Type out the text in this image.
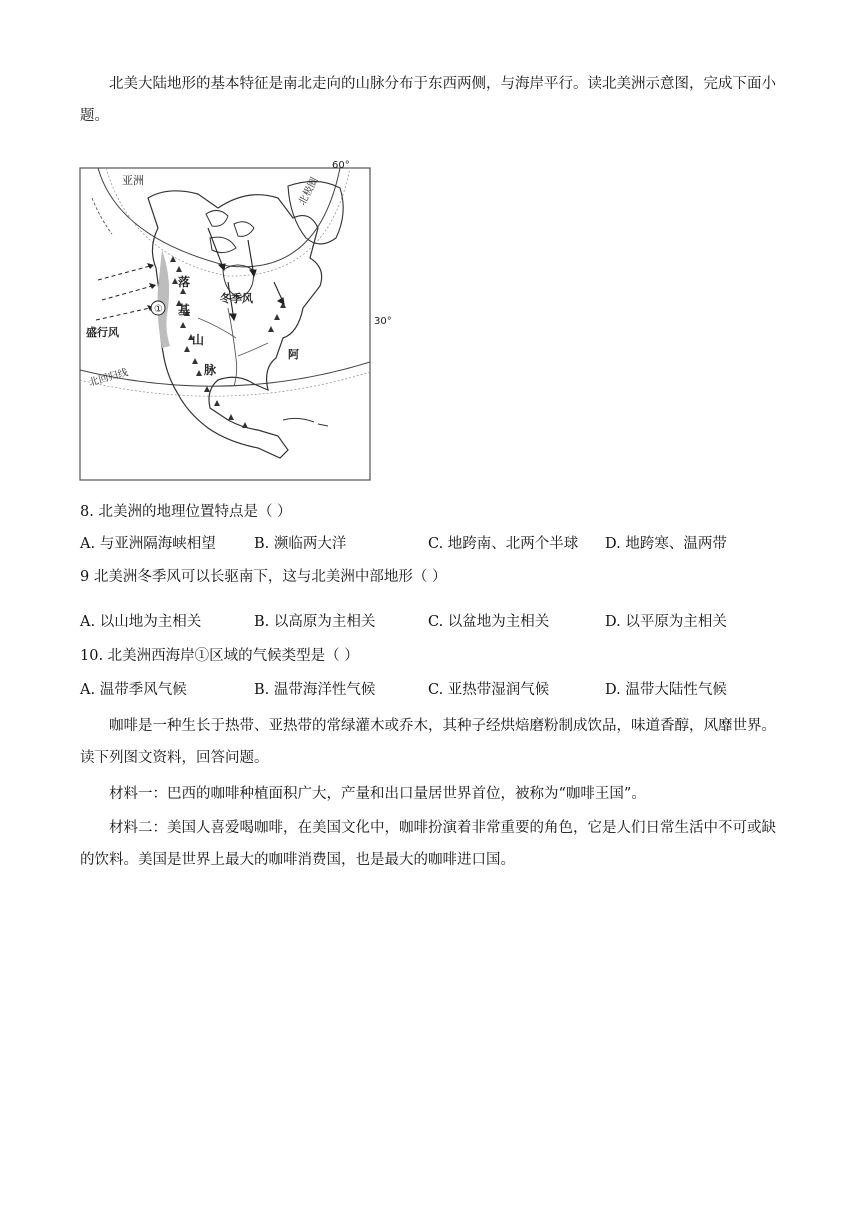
北美大陆地形的基本特征是南北走向的山脉分布于东西两侧，与海岸平行。读北美洲示意图，完成下面小题。
60°
30°
亚洲	北极圈
北回归线
冬季风
盛行风
①
落
基
山
脉
阿
8. 北美洲的地理位置特点是（ ）
A. 与亚洲隔海峡相望	B. 濒临两大洋	C. 地跨南、北两个半球 D. 地跨寒、温两带
9 北美洲冬季风可以长驱南下，这与北美洲中部地形（ ）
A. 以山地为主相关	B. 以高原为主相关	C. 以盆地为主相关	D. 以平原为主相关
10. 北美洲西海岸①区域的气候类型是（ ）
A. 温带季风气候	B. 温带海洋性气候	C. 亚热带湿润气候	D. 温带大陆性气候
咖啡是一种生长于热带、亚热带的常绿灌木或乔木，其种子经烘焙磨粉制成饮品，味道香醇，风靡世界。读下列图文资料，回答问题。
材料一：巴西的咖啡种植面积广大，产量和出口量居世界首位，被称为“咖啡王国”。
材料二：美国人喜爱喝咖啡，在美国文化中，咖啡扮演着非常重要的角色，它是人们日常生活中不可或缺的饮料。美国是世界上最大的咖啡消费国，也是最大的咖啡进口国。
